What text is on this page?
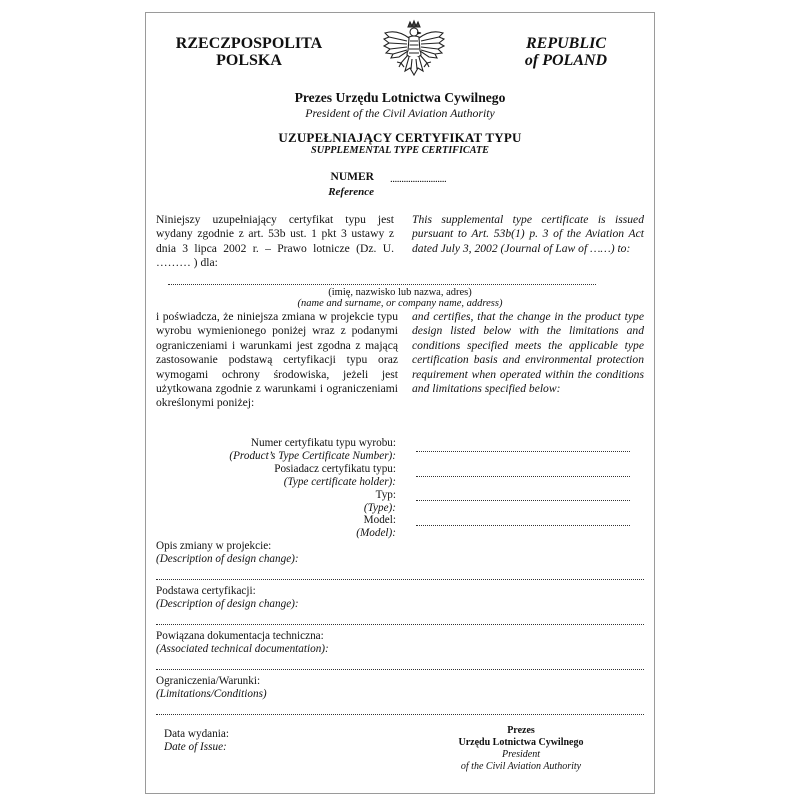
RZECZPOSPOLITA
POLSKA
REPUBLIC
of POLAND
Prezes Urzędu Lotnictwa Cywilnego
President of the Civil Aviation Authority
UZUPEŁNIAJĄCY CERTYFIKAT TYPU
SUPPLEMENTAL TYPE CERTIFICATE
NUMER
Reference
.........................
Niniejszy uzupełniający certyfikat typu jest wydany zgodnie z art. 53b ust. 1 pkt 3 ustawy z dnia 3 lipca 2002 r. – Prawo lotnicze (Dz. U. ……… ) dla:
This supplemental type certificate is issued pursuant to Art. 53b(1) p. 3 of the Aviation Act dated July 3, 2002 (Journal of Law of ……) to:
(imię, nazwisko lub nazwa, adres)
(name and surname, or company name, address)
i poświadcza, że niniejsza zmiana w projekcie typu wyrobu wymienionego poniżej wraz z podanymi ograniczeniami i warunkami jest zgodna z mającą zastosowanie podstawą certyfikacji typu oraz wymogami ochrony środowiska, jeżeli jest użytkowana zgodnie z warunkami i ograniczeniami określonymi poniżej:
and certifies, that the change in the product type design listed below with the limitations and conditions specified meets the applicable type certification basis and environmental protection requirement when operated within the conditions and limitations specified below:
Numer certyfikatu typu wyrobu:
(Product’s Type Certificate Number):
Posiadacz certyfikatu typu:
(Type certificate holder):
Typ:
(Type):
Model:
(Model):
Opis zmiany w projekcie:
(Description of design change):
Podstawa certyfikacji:
(Description of design change):
Powiązana dokumentacja techniczna:
(Associated technical documentation):
Ograniczenia/Warunki:
(Limitations/Conditions)
Data wydania:
Date of Issue:
Prezes
Urzędu Lotnictwa Cywilnego
President
of the Civil Aviation Authority
